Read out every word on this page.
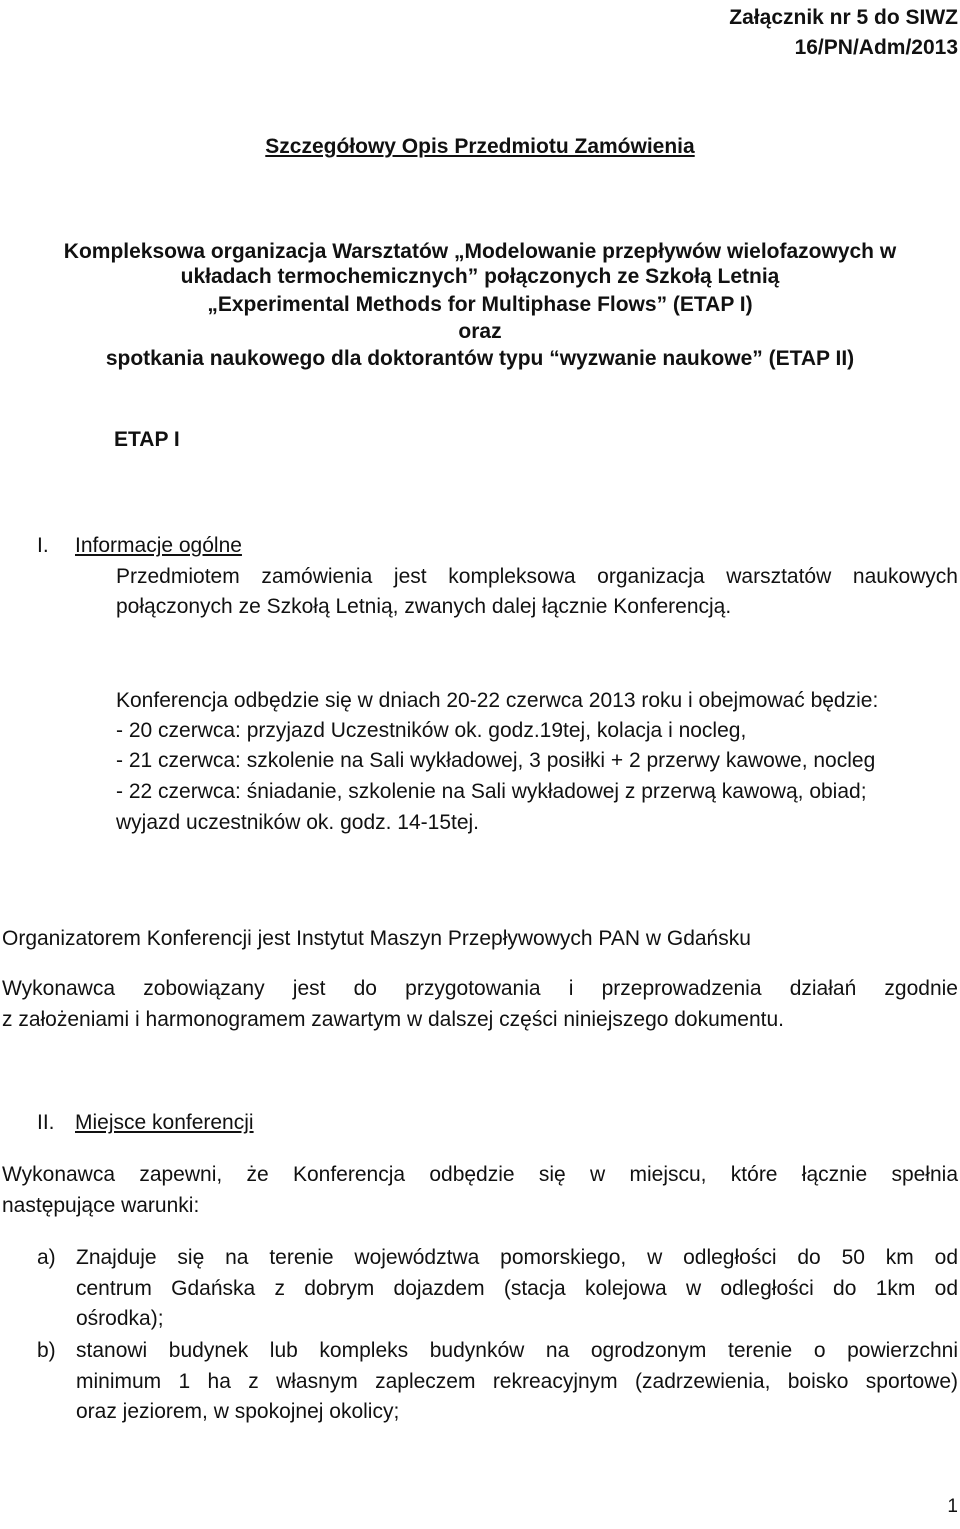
Załącznik nr 5 do SIWZ
16/PN/Adm/2013
Szczegółowy Opis Przedmiotu Zamówienia
Kompleksowa organizacja Warsztatów „Modelowanie przepływów wielofazowych w
układach termochemicznych” połączonych ze Szkołą Letnią
„Experimental Methods for Multiphase Flows” (ETAP I)
oraz
spotkania naukowego dla doktorantów typu “wyzwanie naukowe” (ETAP II)
ETAP I
I. Informacje ogólne
Przedmiotem zamówienia jest kompleksowa organizacja warsztatów naukowych
połączonych ze Szkołą Letnią, zwanych dalej łącznie Konferencją.
Konferencja odbędzie się w dniach 20-22 czerwca 2013 roku i obejmować będzie:
- 20 czerwca: przyjazd Uczestników ok. godz.19tej, kolacja i nocleg,
- 21 czerwca: szkolenie na Sali wykładowej, 3 posiłki + 2 przerwy kawowe, nocleg
- 22 czerwca: śniadanie, szkolenie na Sali wykładowej z przerwą kawową, obiad;
wyjazd uczestników ok. godz. 14-15tej.
Organizatorem Konferencji jest Instytut Maszyn Przepływowych PAN w Gdańsku
Wykonawca zobowiązany jest do przygotowania i przeprowadzenia działań zgodnie
z założeniami i harmonogramem zawartym w dalszej części niniejszego dokumentu.
II. Miejsce konferencji
Wykonawca zapewni, że Konferencja odbędzie się w miejscu, które łącznie spełnia
następujące warunki:
a) Znajduje się na terenie województwa pomorskiego, w odległości do 50 km od
centrum Gdańska z dobrym dojazdem (stacja kolejowa w odległości do 1km od
ośrodka);
b) stanowi budynek lub kompleks budynków na ogrodzonym terenie o powierzchni
minimum 1 ha z własnym zapleczem rekreacyjnym (zadrzewienia, boisko sportowe)
oraz jeziorem, w spokojnej okolicy;
1
